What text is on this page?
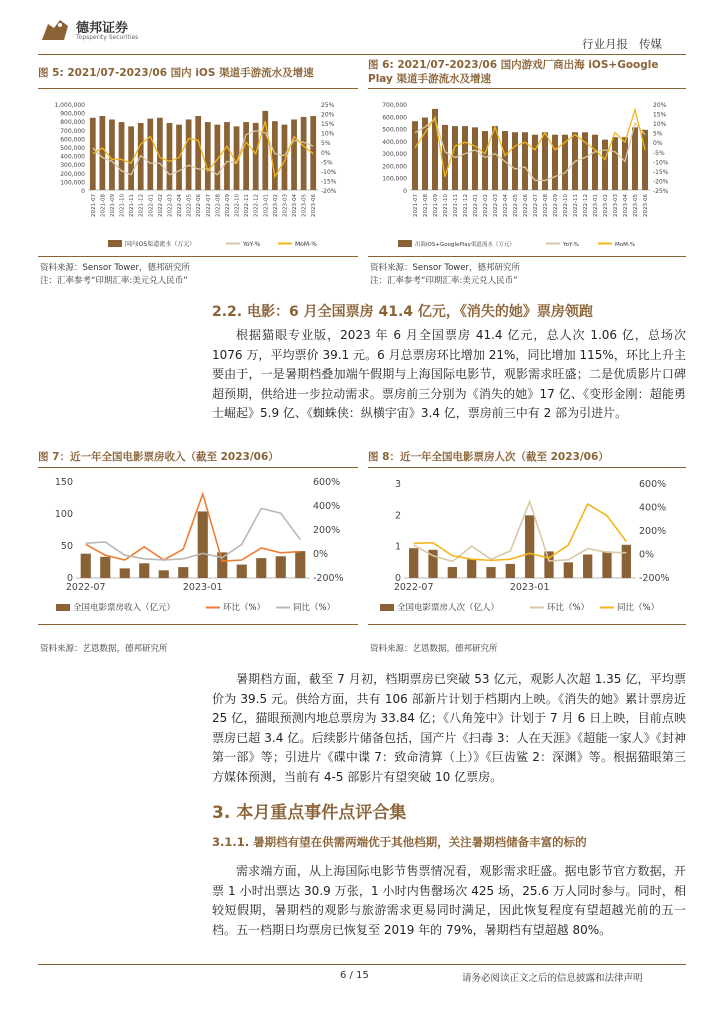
德邦证券
Topsperity Securities	行业月报 传媒
图 5: 2021/07-2023/06 国内 iOS 渠道手游流水及增速
1,000,000
900,000
800,000
700,000
600,000
500,000
400,000
300,000
200,000
100,000
0
25%
20%
15%
10%
5%
0%
-5%
-10%
-15%
-20%
2021-07 2021-08 2021-09 2021-10 2021-11 2021-12 2022-01 2022-02 2022-03 2022-04 2022-05 2022-06 2022-07 2022-08 2022-09 2022-10 2022-11 2022-12 2023-01 2023-02 2023-03 2023-04 2023-05 2023-06
国内iOS渠道流水（万元）	YoY-%	MoM-%
资料来源：Sensor Tower，德邦研究所
注：汇率参考“印期汇率:美元兑人民币”
图 6: 2021/07-2023/06 国内游戏厂商出海 iOS+Google Play 渠道手游流水及增速
700,000
600,000
500,000
400,000
300,000
200,000
100,000
0
20%
15%
10%
5%
0%
-5%
-10%
-15%
-20%
-25%
2021-07 2021-08 2021-09 2021-10 2021-11 2021-12 2022-01 2022-02 2022-03 2022-04 2022-05 2022-06 2022-07 2022-08 2022-09 2022-10 2022-11 2022-12 2023-01 2023-02 2023-03 2023-04 2023-05 2023-06
出海iOS+GooglePlay渠道流水（万元）	YoY-%	MoM-%
资料来源：Sensor Tower，德邦研究所
注：汇率参考“印期汇率:美元兑人民币”
2.2. 电影：6 月全国票房 41.4 亿元，《消失的她》票房领跑
根据猫眼专业版，2023 年 6 月全国票房 41.4 亿元，总人次 1.06 亿，总场次 1076 万，平均票价 39.1 元。6 月总票房环比增加 21%，同比增加 115%，环比上升主要由于，一是暑期档叠加端午假期与上海国际电影节，观影需求旺盛；二是优质影片口碑超预期，供给进一步拉动需求。票房前三分别为《消失的她》17 亿、《变形金刚：超能勇士崛起》5.9 亿、《蜘蛛侠：纵横宇宙》3.4 亿，票房前三中有 2 部为引进片。
图 7：近一年全国电影票房收入（截至 2023/06）
150
100
50
0
600%
400%
200%
0%
-200%
2022-07	2023-01
全国电影票房收入（亿元）	环比（%）	同比（%）
资料来源：艺恩数据，德邦研究所
图 8：近一年全国电影票房人次（截至 2023/06）
3
2
1
0
600%
400%
200%
0%
-200%
2022-07	2023-01
全国电影票房人次（亿人）	环比（%）	同比（%）
资料来源：艺恩数据，德邦研究所
暑期档方面，截至 7 月初，档期票房已突破 53 亿元，观影人次超 1.35 亿，平均票价为 39.5 元。供给方面，共有 106 部新片计划于档期内上映。《消失的她》累计票房近 25 亿，猫眼预测内地总票房为 33.84 亿；《八角笼中》计划于 7 月 6 日上映，目前点映票房已超 3.4 亿。后续影片储备包括，国产片《扫毒 3：人在天涯》《超能一家人》《封神第一部》等；引进片《碟中谍 7：致命清算（上）》《巨齿鲨 2：深渊》等。根据猫眼第三方媒体预测，当前有 4-5 部影片有望突破 10 亿票房。
3. 本月重点事件点评合集
3.1.1. 暑期档有望在供需两端优于其他档期，关注暑期档储备丰富的标的
需求端方面，从上海国际电影节售票情况看，观影需求旺盛。据电影节官方数据，开票 1 小时出票达 30.9 万张，1 小时内售罄场次 425 场，25.6 万人同时参与。同时，相较短假期，暑期档的观影与旅游需求更易同时满足，因此恢复程度有望超越光前的五一档。五一档期日均票房已恢复至 2019 年的 79%，暑期档有望超越 80%。
6 / 15	请务必阅读正文之后的信息披露和法律声明
